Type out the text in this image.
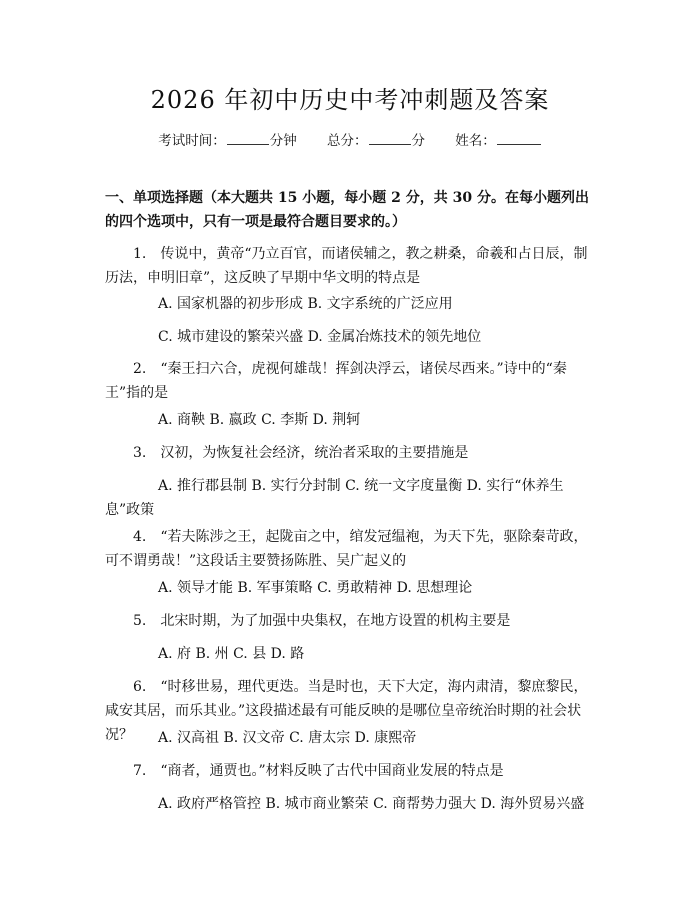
2026 年初中历史中考冲刺题及答案
考试时间：	分钟 总分：	分 姓名：
一、单项选择题（本大题共 15 小题，每小题 2 分，共 30 分。在每小题列出的四个选项中，只有一项是最符合题目要求的。）
1.　传说中，黄帝“乃立百官，而诸侯辅之，教之耕桑，命羲和占日辰，制历法，申明旧章”，这反映了早期中华文明的特点是
A. 国家机器的初步形成 B. 文字系统的广泛应用
C. 城市建设的繁荣兴盛 D. 金属冶炼技术的领先地位
2.　“秦王扫六合，虎视何雄哉！挥剑决浮云，诸侯尽西来。”诗中的“秦王”指的是
A. 商鞅 B. 嬴政 C. 李斯 D. 荆轲
3.　汉初，为恢复社会经济，统治者采取的主要措施是
A. 推行郡县制 B. 实行分封制 C. 统一文字度量衡 D. 实行“休养生
息”政策
4.　“若夫陈涉之王，起陇亩之中，绾发冠缊袍，为天下先，驱除秦苛政，可不谓勇哉！”这段话主要赞扬陈胜、吴广起义的
A. 领导才能 B. 军事策略 C. 勇敢精神 D. 思想理论
5.　北宋时期，为了加强中央集权，在地方设置的机构主要是
A. 府 B. 州 C. 县 D. 路
6.　“时移世易，理代更迭。当是时也，天下大定，海内肃清，黎庶黎民，咸安其居，而乐其业。”这段描述最有可能反映的是哪位皇帝统治时期的社会状况？	A. 汉高祖 B. 汉文帝 C. 唐太宗 D. 康熙帝
7.　“商者，通贾也。”材料反映了古代中国商业发展的特点是
A. 政府严格管控 B. 城市商业繁荣 C. 商帮势力强大 D. 海外贸易兴盛
